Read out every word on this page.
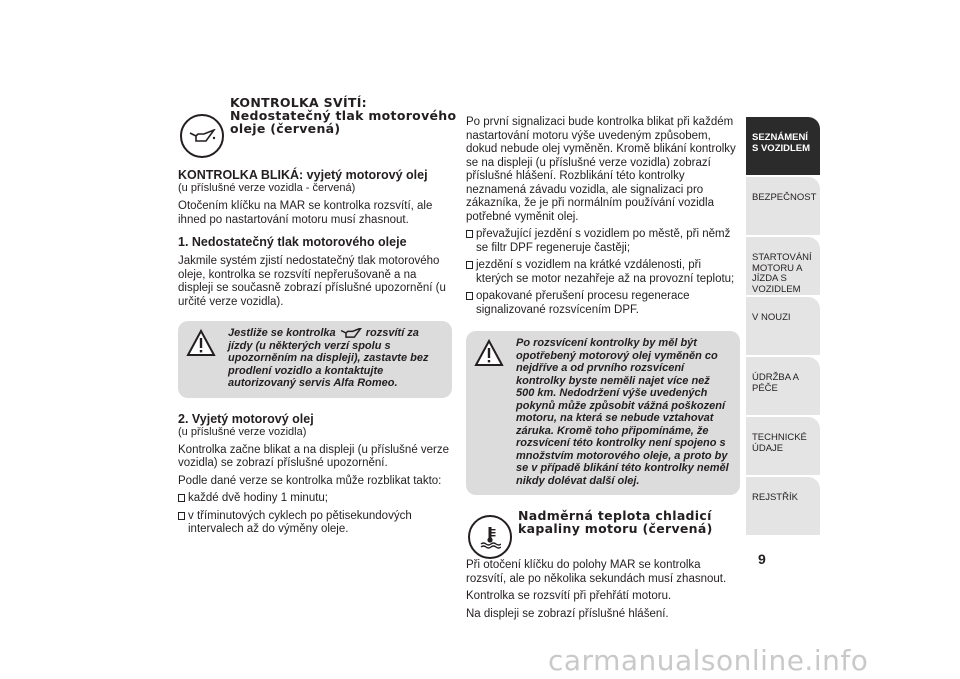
KONTROLKA SVÍTÍ: Nedostatečný tlak motorového oleje (červená)

KONTROLKA BLIKÁ: vyjetý motorový olej

(u příslušné verze vozidla - červená)

Otočením klíčku na MAR se kontrolka rozsvítí, ale ihned po nastartování motoru musí zhasnout.

1. Nedostatečný tlak motorového oleje

Jakmile systém zjistí nedostatečný tlak motorového oleje, kontrolka se rozsvítí nepřerušovaně a na displeji se současně zobrazí příslušné upozornění (u určité verze vozidla).

Jestliže se kontrolka	rozsvítí za jízdy (u některých verzí spolu s upozorněním na displeji), zastavte bez prodlení vozidlo a kontaktujte autorizovaný servis Alfa Romeo.

2. Vyjetý motorový olej

(u příslušné verze vozidla)

Kontrolka začne blikat a na displeji (u příslušné verze vozidla) se zobrazí příslušné upozornění.

Podle dané verze se kontrolka může rozblikat takto:

každé dvě hodiny 1 minutu;
v tříminutových cyklech po pětisekundových intervalech až do výměny oleje.

Po první signalizaci bude kontrolka blikat při každém nastartování motoru výše uvedeným způsobem, dokud nebude olej vyměněn. Kromě blikání kontrolky se na displeji (u příslušné verze vozidla) zobrazí příslušné hlášení. Rozblikání této kontrolky neznamená závadu vozidla, ale signalizaci pro zákazníka, že je při normálním používání vozidla potřebné vyměnit olej.

převažující jezdění s vozidlem po městě, při němž se filtr DPF regeneruje častěji;
jezdění s vozidlem na krátké vzdálenosti, při kterých se motor nezahřeje až na provozní teplotu;
opakované přerušení procesu regenerace signalizované rozsvícením DPF.
Po rozsvícení kontrolky by měl být opotřebený motorový olej vyměněn co nejdříve a od prvního rozsvícení kontrolky byste neměli najet více než 500 km. Nedodržení výše uvedených pokynů může způsobit vážná poškození motoru, na která se nebude vztahovat záruka. Kromě toho připomínáme, že rozsvícení této kontrolky není spojeno s množstvím motorového oleje, a proto by se v případě blikání této kontrolky neměl nikdy dolévat další olej.
Nadměrná teplota chladicí kapaliny motoru (červená)

Při otočení klíčku do polohy MAR se kontrolka rozsvítí, ale po několika sekundách musí zhasnout.

Kontrolka se rozsvítí při přehřátí motoru.

Na displeji se zobrazí příslušné hlášení.

SEZNÁMENÍ S VOZIDLEM
BEZPEČNOST
STARTOVÁNÍ MOTORU A JÍZDA S VOZIDLEM
V NOUZI
ÚDRŽBA A PÉČE
TECHNICKÉ ÚDAJE
REJSTŘÍK
9
carmanualsonline.info
